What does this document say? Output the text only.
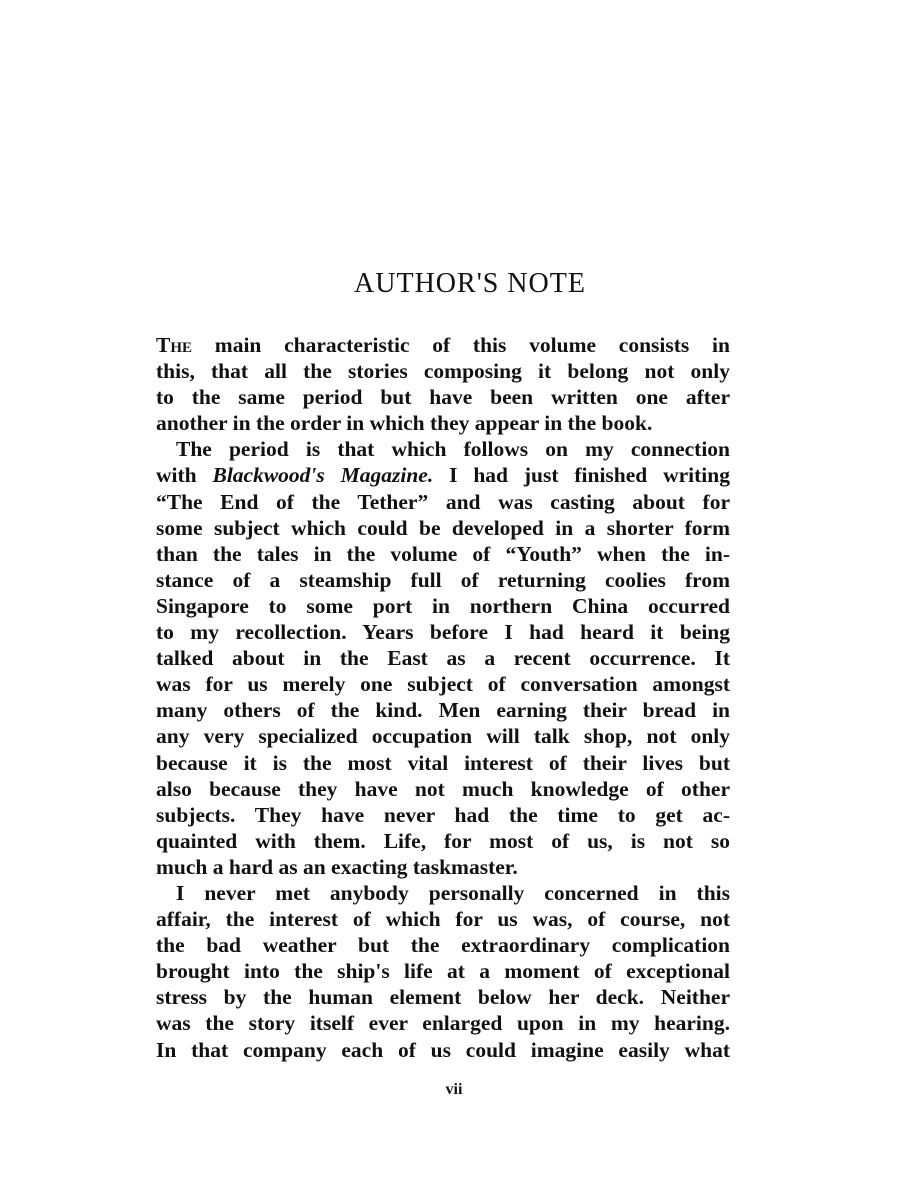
AUTHOR'S NOTE
The main characteristic of this volume consists in
this, that all the stories composing it belong not only
to the same period but have been written one after
another in the order in which they appear in the book.
The period is that which follows on my connection
with Blackwood's Magazine. I had just finished writing
“The End of the Tether” and was casting about for
some subject which could be developed in a shorter form
than the tales in the volume of “Youth” when the in-
stance of a steamship full of returning coolies from
Singapore to some port in northern China occurred
to my recollection. Years before I had heard it being
talked about in the East as a recent occurrence. It
was for us merely one subject of conversation amongst
many others of the kind. Men earning their bread in
any very specialized occupation will talk shop, not only
because it is the most vital interest of their lives but
also because they have not much knowledge of other
subjects. They have never had the time to get ac-
quainted with them. Life, for most of us, is not so
much a hard as an exacting taskmaster.
I never met anybody personally concerned in this
affair, the interest of which for us was, of course, not
the bad weather but the extraordinary complication
brought into the ship's life at a moment of exceptional
stress by the human element below her deck. Neither
was the story itself ever enlarged upon in my hearing.
In that company each of us could imagine easily what
vii
